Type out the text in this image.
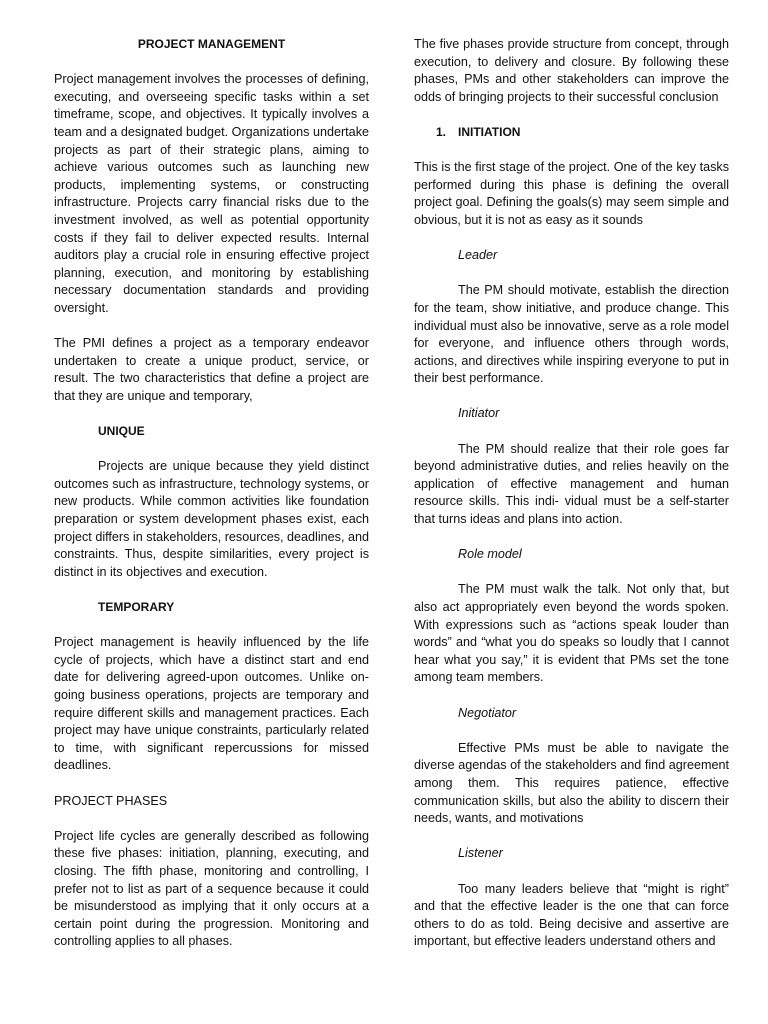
PROJECT MANAGEMENT

Project management involves the processes of defining, executing, and overseeing specific tasks within a set timeframe, scope, and objectives. It typically involves a team and a designated budget. Organizations undertake projects as part of their strategic plans, aiming to achieve various outcomes such as launching new products, implementing systems, or constructing infrastructure. Projects carry financial risks due to the investment involved, as well as potential opportunity costs if they fail to deliver expected results. Internal auditors play a crucial role in ensuring effective project planning, execution, and monitoring by establishing necessary documentation standards and providing oversight.

The PMI defines a project as a temporary endeavor undertaken to create a unique product, service, or result. The two characteristics that define a project are that they are unique and temporary,

UNIQUE

Projects are unique because they yield distinct outcomes such as infrastructure, technology systems, or new products. While common activities like foundation preparation or system development phases exist, each project differs in stakeholders, resources, deadlines, and constraints. Thus, despite similarities, every project is distinct in its objectives and execution.

TEMPORARY

Project management is heavily influenced by the life cycle of projects, which have a distinct start and end date for delivering agreed-upon outcomes. Unlike on-going business operations, projects are temporary and require different skills and management practices. Each project may have unique constraints, particularly related to time, with significant repercussions for missed deadlines.

PROJECT PHASES

Project life cycles are generally described as following these five phases: initiation, planning, executing, and closing. The fifth phase, monitoring and controlling, I prefer not to list as part of a sequence because it could be misunderstood as implying that it only occurs at a certain point during the progression. Monitoring and controlling applies to all phases.

The five phases provide structure from concept, through execution, to delivery and closure. By following these phases, PMs and other stakeholders can improve the odds of bringing projects to their successful conclusion

1. INITIATION

This is the first stage of the project. One of the key tasks performed during this phase is defining the overall project goal. Defining the goals(s) may seem simple and obvious, but it is not as easy as it sounds

Leader

The PM should motivate, establish the direction for the team, show initiative, and produce change. This individual must also be innovative, serve as a role model for everyone, and influence others through words, actions, and directives while inspiring everyone to put in their best performance.

Initiator

The PM should realize that their role goes far beyond administrative duties, and relies heavily on the application of effective management and human resource skills. This indi- vidual must be a self-starter that turns ideas and plans into action.

Role model

The PM must walk the talk. Not only that, but also act appropriately even beyond the words spoken. With expressions such as “actions speak louder than words” and “what you do speaks so loudly that I cannot hear what you say,” it is evident that PMs set the tone among team members.

Negotiator

Effective PMs must be able to navigate the diverse agendas of the stakeholders and find agreement among them. This requires patience, effective communication skills, but also the ability to discern their needs, wants, and motivations

Listener

Too many leaders believe that “might is right” and that the effective leader is the one that can force others to do as told. Being decisive and assertive are important, but effective leaders understand others and
